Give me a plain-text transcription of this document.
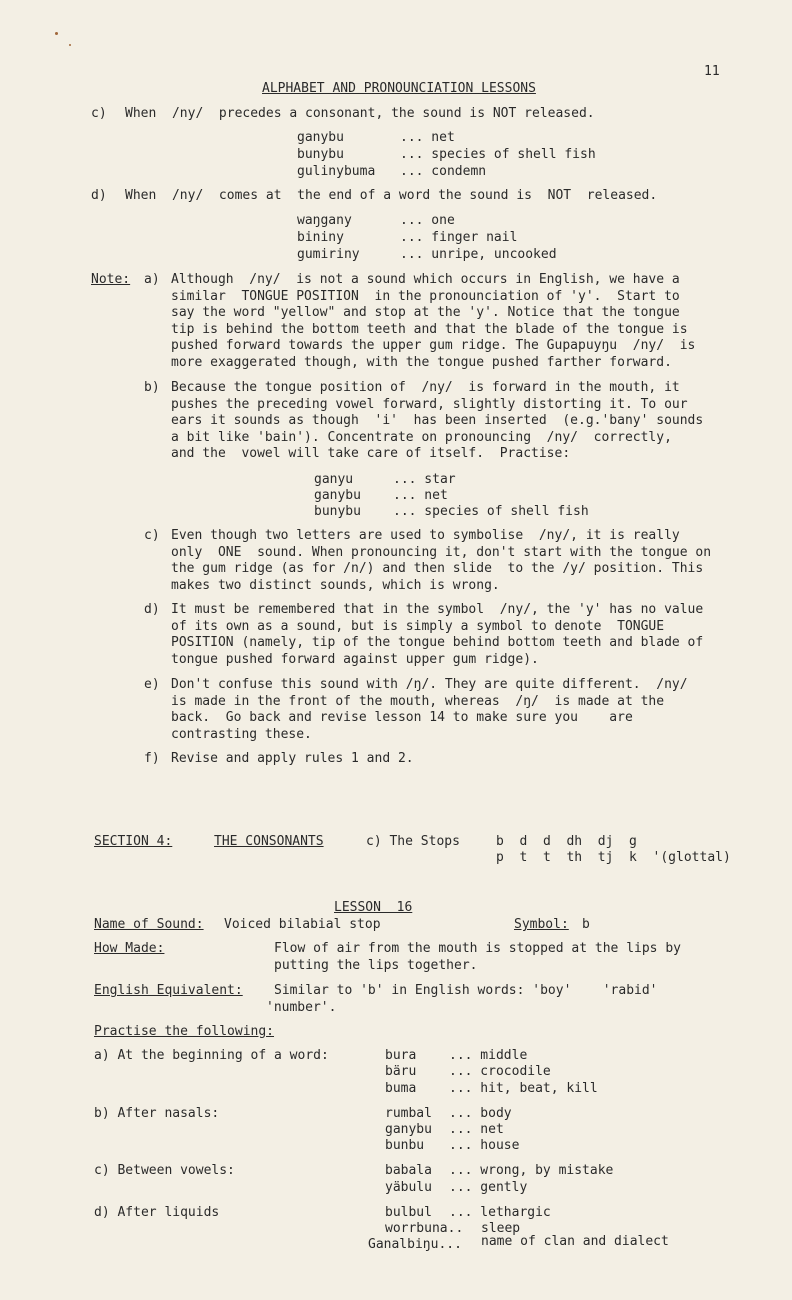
11
ALPHABET AND PRONOUNCIATION LESSONS
c) When  /ny/  precedes a consonant, the sound is NOT released.
ganybu	... net
bunybu	... species of shell fish
gulinybuma ... condemn
d) When  /ny/  comes at  the end of a word the sound is  NOT  released.
waŋgany	... one
bininy	... finger nail
gumiriny	... unripe, uncooked
Note: a) Although  /ny/  is not a sound which occurs in English, we have a
similar  TONGUE POSITION  in the pronounciation of 'y'.  Start to
say the word "yellow" and stop at the 'y'. Notice that the tongue
tip is behind the bottom teeth and that the blade of the tongue is
pushed forward towards the upper gum ridge. The Gupapuyŋu  /ny/  is
more exaggerated though, with the tongue pushed farther forward.
b) Because the tongue position of  /ny/  is forward in the mouth, it
pushes the preceding vowel forward, slightly distorting it. To our
ears it sounds as though  'i'  has been inserted  (e.g.'bany' sounds
a bit like 'bain'). Concentrate on pronouncing  /ny/  correctly,
and the  vowel will take care of itself.  Practise:
ganyu	... star
ganybu ... net
bunybu ... species of shell fish
c) Even though two letters are used to symbolise  /ny/, it is really
only  ONE  sound. When pronouncing it, don't start with the tongue on
the gum ridge (as for /n/) and then slide  to the /y/ position. This
makes two distinct sounds, which is wrong.
d) It must be remembered that in the symbol  /ny/, the 'y' has no value
of its own as a sound, but is simply a symbol to denote  TONGUE
POSITION (namely, tip of the tongue behind bottom teeth and blade of
tongue pushed forward against upper gum ridge).
e) Don't confuse this sound with /ŋ/. They are quite different.  /ny/
is made in the front of the mouth, whereas  /ŋ/  is made at the
back.  Go back and revise lesson 14 to make sure you    are
contrasting these.
f) Revise and apply rules 1 and 2.
SECTION 4:	THE CONSONANTS	c) The Stops	b  d  d  dh  dj  g
p  t  t  th  tj  k  '(glottal)
LESSON  16
Name of Sound: Voiced bilabial stop	Symbol: b
How Made:	Flow of air from the mouth is stopped at the lips by
putting the lips together.
English Equivalent: Similar to 'b' in English words: 'boy'    'rabid'
'number'.
Practise the following:
a) At the beginning of a word:	bura	... middle
bäru	... crocodile
buma	... hit, beat, kill
b) After nasals:	rumbal ... body
ganybu ... net
bunbu ... house
c) Between vowels:	babala ... wrong, by mistake
yäbulu ... gently
d) After liquids	bulbul ... lethargic
worrbuna.. sleep
Ganalbiŋu... name of clan and dialect
